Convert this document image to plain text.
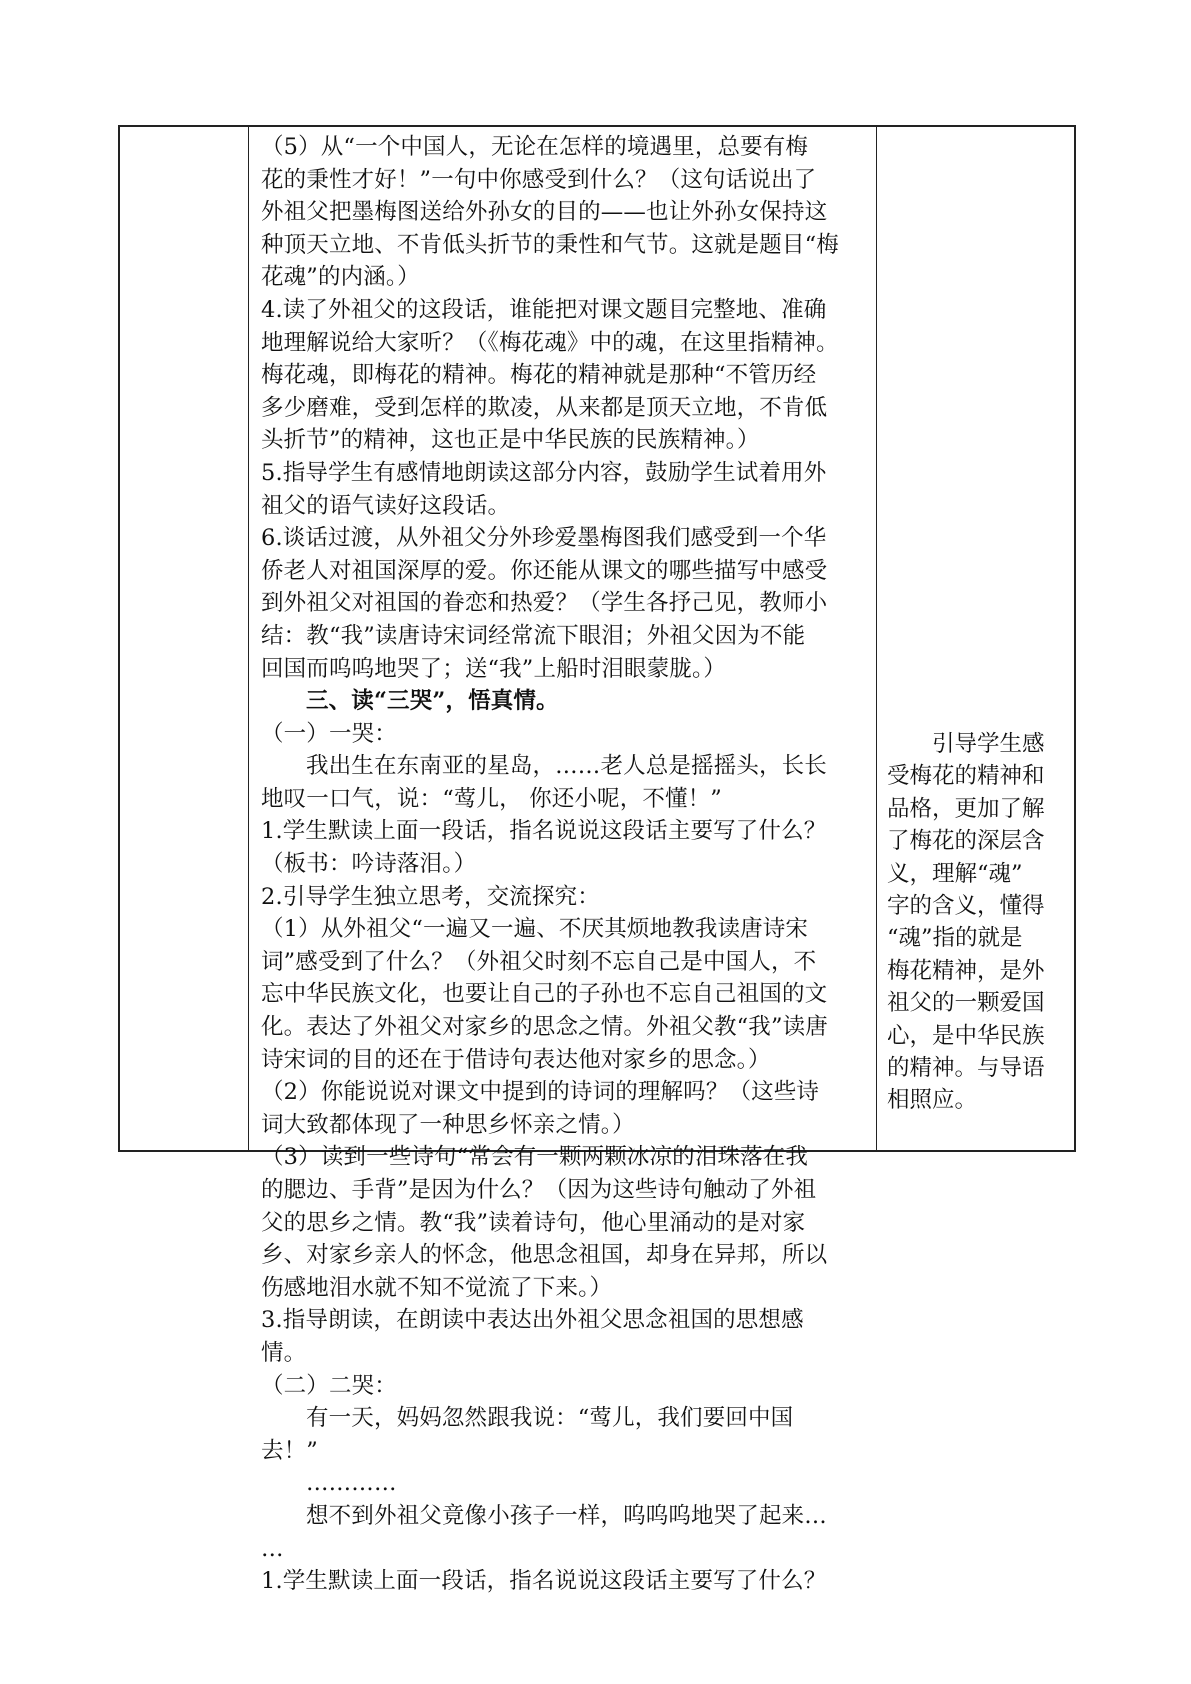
（5）从“一个中国人，无论在怎样的境遇里，总要有梅
花的秉性才好！”一句中你感受到什么？（这句话说出了
外祖父把墨梅图送给外孙女的目的——也让外孙女保持这
种顶天立地、不肯低头折节的秉性和气节。这就是题目“梅
花魂”的内涵。）
4.读了外祖父的这段话，谁能把对课文题目完整地、准确
地理解说给大家听？（《梅花魂》中的魂，在这里指精神。
梅花魂，即梅花的精神。梅花的精神就是那种“不管历经
多少磨难，受到怎样的欺凌，从来都是顶天立地，不肯低
头折节”的精神，这也正是中华民族的民族精神。）
5.指导学生有感情地朗读这部分内容，鼓励学生试着用外
祖父的语气读好这段话。
6.谈话过渡，从外祖父分外珍爱墨梅图我们感受到一个华
侨老人对祖国深厚的爱。你还能从课文的哪些描写中感受
到外祖父对祖国的眷恋和热爱？（学生各抒己见，教师小
结：教“我”读唐诗宋词经常流下眼泪；外祖父因为不能
回国而呜呜地哭了；送“我”上船时泪眼蒙胧。）
三、读“三哭”，悟真情。
（一）一哭：
我出生在东南亚的星岛，……老人总是摇摇头，长长
地叹一口气，说：“莺儿， 你还小呢，不懂！”
1.学生默读上面一段话，指名说说这段话主要写了什么？
（板书：吟诗落泪。）
2.引导学生独立思考，交流探究：
（1）从外祖父“一遍又一遍、不厌其烦地教我读唐诗宋
词”感受到了什么？（外祖父时刻不忘自己是中国人，不
忘中华民族文化，也要让自己的子孙也不忘自己祖国的文
化。表达了外祖父对家乡的思念之情。外祖父教“我”读唐
诗宋词的目的还在于借诗句表达他对家乡的思念。）
（2）你能说说对课文中提到的诗词的理解吗？（这些诗
词大致都体现了一种思乡怀亲之情。）
（3）读到一些诗句“常会有一颗两颗冰凉的泪珠落在我
的腮边、手背”是因为什么？（因为这些诗句触动了外祖
父的思乡之情。教“我”读着诗句，他心里涌动的是对家
乡、对家乡亲人的怀念，他思念祖国，却身在异邦，所以
伤感地泪水就不知不觉流了下来。）
3.指导朗读，在朗读中表达出外祖父思念祖国的思想感
情。
（二）二哭：
有一天，妈妈忽然跟我说：“莺儿，我们要回中国
去！”
…………
想不到外祖父竟像小孩子一样，呜呜呜地哭了起来…
…
1.学生默读上面一段话，指名说说这段话主要写了什么？
　　引导学生感
受梅花的精神和
品格，更加了解
了梅花的深层含
义，理解“魂”
字的含义，懂得
“魂”指的就是
梅花精神，是外
祖父的一颗爱国
心，是中华民族
的精神。与导语
相照应。
